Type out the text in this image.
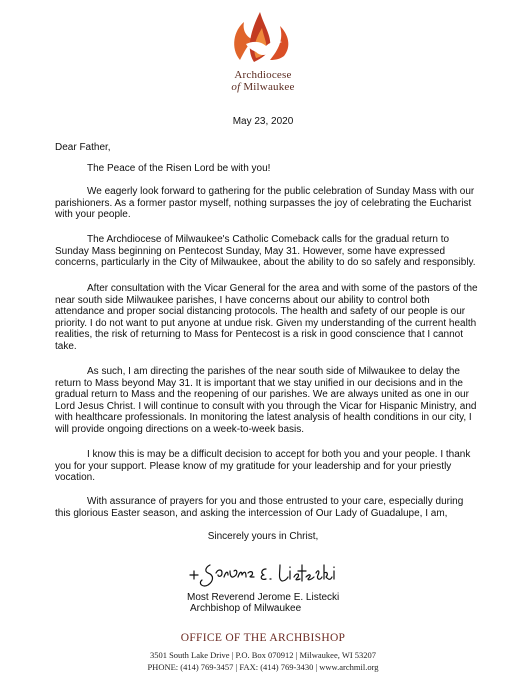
Archdiocese
of Milwaukee
May 23, 2020
Dear Father,
The Peace of the Risen Lord be with you!
We eagerly look forward to gathering for the public celebration of Sunday Mass with our parishioners. As a former pastor myself, nothing surpasses the joy of celebrating the Eucharist with your people.
The Archdiocese of Milwaukee's Catholic Comeback calls for the gradual return to Sunday Mass beginning on Pentecost Sunday, May 31. However, some have expressed concerns, particularly in the City of Milwaukee, about the ability to do so safely and responsibly.
After consultation with the Vicar General for the area and with some of the pastors of the near south side Milwaukee parishes, I have concerns about our ability to control both attendance and proper social distancing protocols. The health and safety of our people is our priority. I do not want to put anyone at undue risk. Given my understanding of the current health realities, the risk of returning to Mass for Pentecost is a risk in good conscience that I cannot take.
As such, I am directing the parishes of the near south side of Milwaukee to delay the return to Mass beyond May 31. It is important that we stay unified in our decisions and in the gradual return to Mass and the reopening of our parishes. We are always united as one in our Lord Jesus Christ. I will continue to consult with you through the Vicar for Hispanic Ministry, and with healthcare professionals. In monitoring the latest analysis of health conditions in our city, I will provide ongoing directions on a week-to-week basis.
I know this is may be a difficult decision to accept for both you and your people. I thank you for your support. Please know of my gratitude for your leadership and for your priestly vocation.
With assurance of prayers for you and those entrusted to your care, especially during this glorious Easter season, and asking the intercession of Our Lady of Guadalupe, I am,
Sincerely yours in Christ,
Most Reverend Jerome E. Listecki
Archbishop of Milwaukee
OFFICE OF THE ARCHBISHOP
3501 South Lake Drive | P.O. Box 070912 | Milwaukee, WI 53207
PHONE: (414) 769-3457 | FAX: (414) 769-3430 | www.archmil.org
